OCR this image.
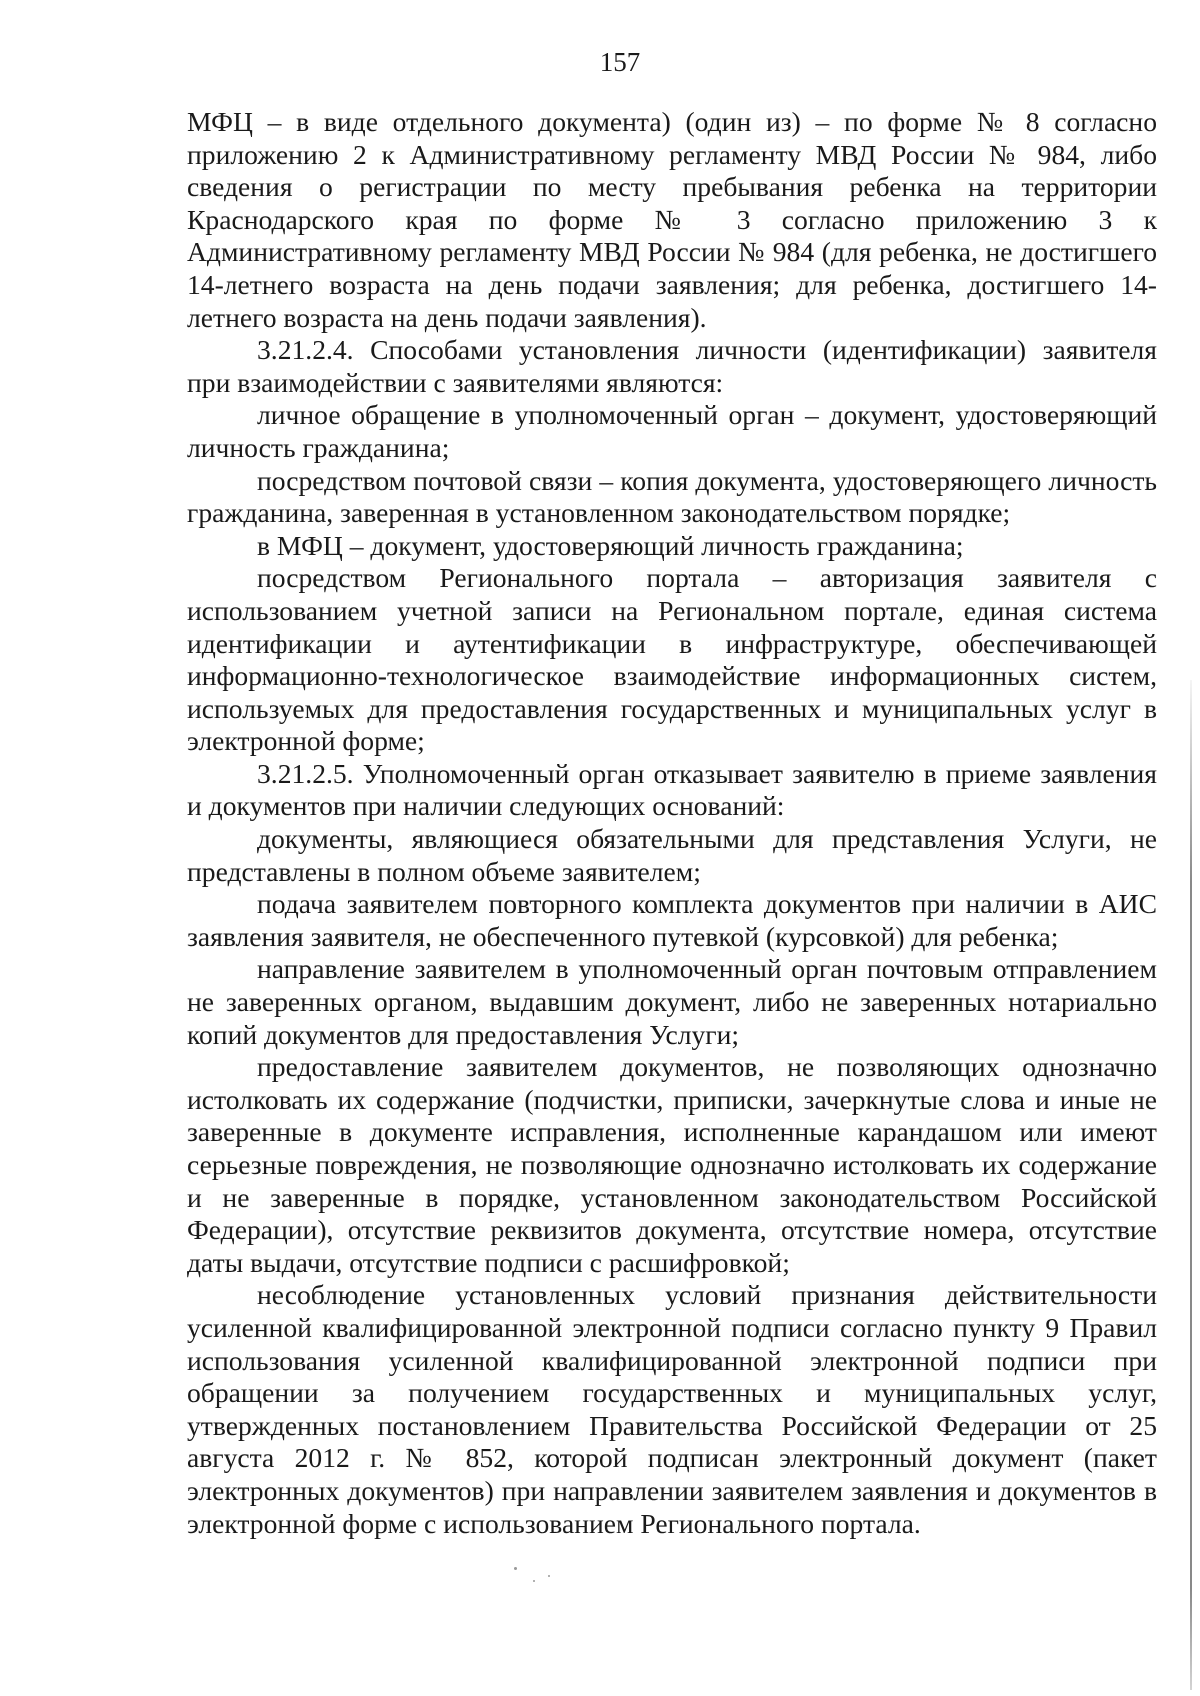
157

МФЦ – в виде отдельного документа) (один из) – по форме № 8 согласно приложению 2 к Административному регламенту МВД России № 984, либо сведения о регистрации по месту пребывания ребенка на территории Краснодарского края по форме № 3 согласно приложению 3 к Административному регламенту МВД России № 984 (для ребенка, не достигшего 14-летнего возраста на день подачи заявления; для ребенка, достигшего 14-летнего возраста на день подачи заявления).

3.21.2.4. Способами установления личности (идентификации) заявителя при взаимодействии с заявителями являются:

личное обращение в уполномоченный орган – документ, удостоверяющий личность гражданина;

посредством почтовой связи – копия документа, удостоверяющего личность гражданина, заверенная в установленном законодательством порядке;

в МФЦ – документ, удостоверяющий личность гражданина;

посредством Регионального портала – авторизация заявителя с использованием учетной записи на Региональном портале, единая система идентификации и аутентификации в инфраструктуре, обеспечивающей информационно-технологическое взаимодействие информационных систем, используемых для предоставления государственных и муниципальных услуг в электронной форме;

3.21.2.5. Уполномоченный орган отказывает заявителю в приеме заявления и документов при наличии следующих оснований:

документы, являющиеся обязательными для представления Услуги, не представлены в полном объеме заявителем;

подача заявителем повторного комплекта документов при наличии в АИС заявления заявителя, не обеспеченного путевкой (курсовкой) для ребенка;

направление заявителем в уполномоченный орган почтовым отправлением не заверенных органом, выдавшим документ, либо не заверенных нотариально копий документов для предоставления Услуги;

предоставление заявителем документов, не позволяющих однозначно истолковать их содержание (подчистки, приписки, зачеркнутые слова и иные не заверенные в документе исправления, исполненные карандашом или имеют серьезные повреждения, не позволяющие однозначно истолковать их содержание и не заверенные в порядке, установленном законодательством Российской Федерации), отсутствие реквизитов документа, отсутствие номера, отсутствие даты выдачи, отсутствие подписи с расшифровкой;

несоблюдение установленных условий признания действительности усиленной квалифицированной электронной подписи согласно пункту 9 Правил использования усиленной квалифицированной электронной подписи при обращении за получением государственных и муниципальных услуг, утвержденных постановлением Правительства Российской Федерации от 25 августа 2012 г. № 852, которой подписан электронный документ (пакет электронных документов) при направлении заявителем заявления и документов в электронной форме с использованием Регионального портала.
